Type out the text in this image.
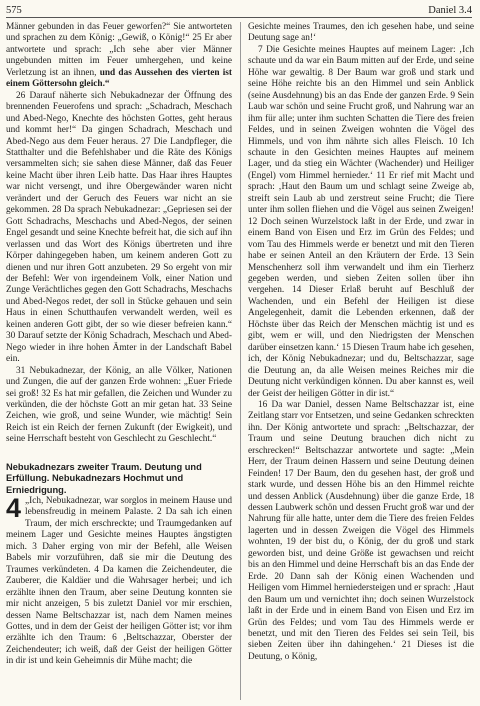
575	Daniel 3.4

Männer gebunden in das Feuer geworfen?“ Sie antworteten und sprachen zu dem König: „Gewiß, o König!“ 25 Er aber antwortete und sprach: „Ich sehe aber vier Männer ungebunden mitten im Feuer umhergehen, und keine Verletzung ist an ihnen, und das Aussehen des vierten ist einem Göttersohn gleich.“

26 Darauf näherte sich Nebukadnezar der Öffnung des brennenden Feuerofens und sprach: „Schadrach, Meschach und Abed-Nego, Knechte des höchsten Gottes, geht heraus und kommt her!“ Da gingen Schadrach, Meschach und Abed-Nego aus dem Feuer heraus. 27 Die Landpfleger, die Statthalter und die Befehlshaber und die Räte des Königs versammelten sich; sie sahen diese Männer, daß das Feuer keine Macht über ihren Leib hatte. Das Haar ihres Hauptes war nicht versengt, und ihre Obergewänder waren nicht verändert und der Geruch des Feuers war nicht an sie gekommen. 28 Da sprach Nebukadnezar: „Gepriesen sei der Gott Schadrachs, Meschachs und Abed-Negos, der seinen Engel gesandt und seine Knechte befreit hat, die sich auf ihn verlassen und das Wort des Königs übertreten und ihre Körper dahingegeben haben, um keinem anderen Gott zu dienen und nur ihren Gott anzubeten. 29 So ergeht von mir der Befehl: Wer von irgendeinem Volk, einer Nation und Zunge Verächtliches gegen den Gott Schadrachs, Meschachs und Abed-Negos redet, der soll in Stücke gehauen und sein Haus in einen Schutthaufen verwandelt werden, weil es keinen anderen Gott gibt, der so wie dieser befreien kann.“ 30 Darauf setzte der König Schadrach, Meschach und Abed-Nego wieder in ihre hohen Ämter in der Landschaft Babel ein.

31 Nebukadnezar, der König, an alle Völker, Nationen und Zungen, die auf der ganzen Erde wohnen: „Euer Friede sei groß! 32 Es hat mir gefallen, die Zeichen und Wunder zu verkünden, die der höchste Gott an mir getan hat. 33 Seine Zeichen, wie groß, und seine Wunder, wie mächtig! Sein Reich ist ein Reich der fernen Zukunft (der Ewigkeit), und seine Herrschaft besteht von Geschlecht zu Geschlecht.“

Nebukadnezars zweiter Traum. Deutung und Erfüllung. Nebukadnezars Hochmut und Erniedrigung.

4 „Ich, Nebukadnezar, war sorglos in meinem Hause und lebensfreudig in meinem Palaste. 2 Da sah ich einen Traum, der mich erschreckte; und Traumgedanken auf meinem Lager und Gesichte meines Hauptes ängstigten mich. 3 Daher erging von mir der Befehl, alle Weisen Babels mir vorzuführen, daß sie mir die Deutung des Traumes verkündeten. 4 Da kamen die Zeichendeuter, die Zauberer, die Kaldäer und die Wahrsager herbei; und ich erzählte ihnen den Traum, aber seine Deutung konnten sie mir nicht anzeigen, 5 bis zuletzt Daniel vor mir erschien, dessen Name Beltschazzar ist, nach dem Namen meines Gottes, und in dem der Geist der heiligen Götter ist; vor ihm erzählte ich den Traum: 6 ‚Beltschazzar, Oberster der Zeichendeuter; ich weiß, daß der Geist der heiligen Götter in dir ist und kein Geheimnis dir Mühe macht; die

Gesichte meines Traumes, den ich gesehen habe, und seine Deutung sage an!‘

7 Die Gesichte meines Hauptes auf meinem Lager: ‚Ich schaute und da war ein Baum mitten auf der Erde, und seine Höhe war gewaltig. 8 Der Baum war groß und stark und seine Höhe reichte bis an den Himmel und sein Anblick (seine Ausdehnung) bis an das Ende der ganzen Erde. 9 Sein Laub war schön und seine Frucht groß, und Nahrung war an ihm für alle; unter ihm suchten Schatten die Tiere des freien Feldes, und in seinen Zweigen wohnten die Vögel des Himmels, und von ihm nährte sich alles Fleisch. 10 Ich schaute in den Gesichten meines Hauptes auf meinem Lager, und da stieg ein Wächter (Wachender) und Heiliger (Engel) vom Himmel hernieder.‘ 11 Er rief mit Macht und sprach: ‚Haut den Baum um und schlagt seine Zweige ab, streift sein Laub ab und zerstreut seine Frucht; die Tiere unter ihm sollen fliehen und die Vögel aus seinen Zweigen! 12 Doch seinen Wurzelstock laßt in der Erde, und zwar in einem Band von Eisen und Erz im Grün des Feldes; und vom Tau des Himmels werde er benetzt und mit den Tieren habe er seinen Anteil an den Kräutern der Erde. 13 Sein Menschenherz soll ihm verwandelt und ihm ein Tierherz gegeben werden, und sieben Zeiten sollen über ihn vergehen. 14 Dieser Erlaß beruht auf Beschluß der Wachenden, und ein Befehl der Heiligen ist diese Angelegenheit, damit die Lebenden erkennen, daß der Höchste über das Reich der Menschen mächtig ist und es gibt, wem er will, und den Niedrigsten der Menschen darüber einsetzen kann.‘ 15 Diesen Traum habe ich gesehen, ich, der König Nebukadnezar; und du, Beltschazzar, sage die Deutung an, da alle Weisen meines Reiches mir die Deutung nicht verkündigen können. Du aber kannst es, weil der Geist der heiligen Götter in dir ist.“

16 Da war Daniel, dessen Name Beltschazzar ist, eine Zeitlang starr vor Entsetzen, und seine Gedanken schreckten ihn. Der König antwortete und sprach: „Beltschazzar, der Traum und seine Deutung brauchen dich nicht zu erschrecken!“ Beltschazzar antwortete und sagte: „Mein Herr, der Traum deinen Hassern und seine Deutung deinen Feinden! 17 Der Baum, den du gesehen hast, der groß und stark wurde, und dessen Höhe bis an den Himmel reichte und dessen Anblick (Ausdehnung) über die ganze Erde, 18 dessen Laubwerk schön und dessen Frucht groß war und der Nahrung für alle hatte, unter dem die Tiere des freien Feldes lagerten und in dessen Zweigen die Vögel des Himmels wohnten, 19 der bist du, o König, der du groß und stark geworden bist, und deine Größe ist gewachsen und reicht bis an den Himmel und deine Herrschaft bis an das Ende der Erde. 20 Dann sah der König einen Wachenden und Heiligen vom Himmel herniedersteigen und er sprach: ‚Haut den Baum um und vernichtet ihn; doch seinen Wurzelstock laßt in der Erde und in einem Band von Eisen und Erz im Grün des Feldes; und vom Tau des Himmels werde er benetzt, und mit den Tieren des Feldes sei sein Teil, bis sieben Zeiten über ihn dahingehen.‘ 21 Dieses ist die Deutung, o König,
